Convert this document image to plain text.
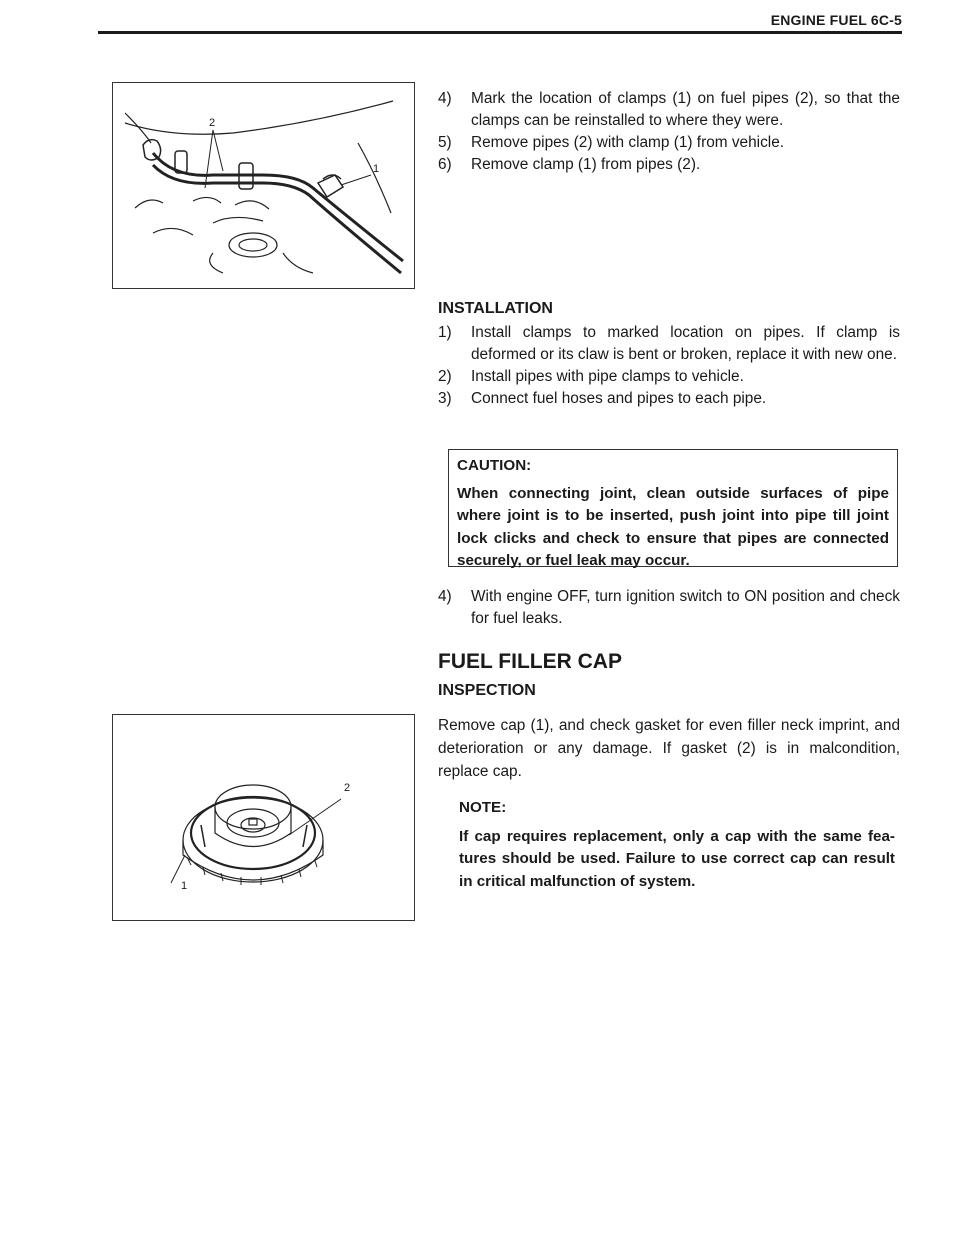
ENGINE FUEL 6C-5
2
1
4) Mark the location of clamps (1) on fuel pipes (2), so that the clamps can be reinstalled to where they were.
5) Remove pipes (2) with clamp (1) from vehicle.
6) Remove clamp (1) from pipes (2).
INSTALLATION
1) Install clamps to marked location on pipes. If clamp is deformed or its claw is bent or broken, replace it with new one.
2) Install pipes with pipe clamps to vehicle.
3) Connect fuel hoses and pipes to each pipe.
CAUTION:
When connecting joint, clean outside surfaces of pipe where joint is to be inserted, push joint into pipe till joint lock clicks and check to ensure that pipes are connected securely, or fuel leak may occur.
4) With engine OFF, turn ignition switch to ON position and check for fuel leaks.
FUEL FILLER CAP
INSPECTION
2
1
Remove cap (1), and check gasket for even filler neck imprint, and deterioration or any damage. If gasket (2) is in malcondition, replace cap.
NOTE:
If cap requires replacement, only a cap with the same fea- tures should be used. Failure to use correct cap can result in critical malfunction of system.
